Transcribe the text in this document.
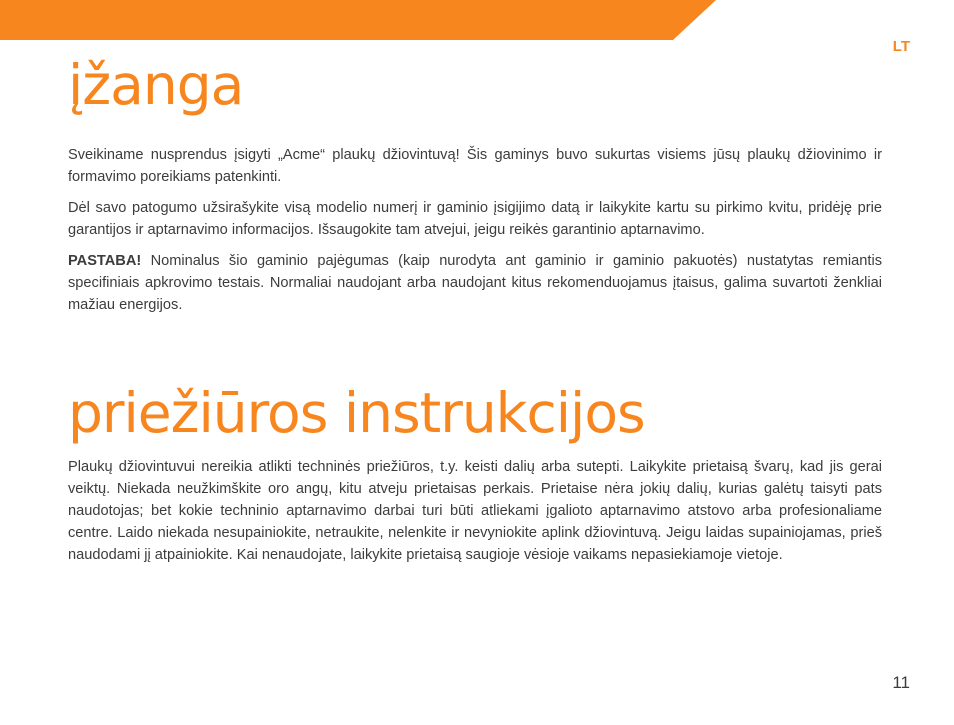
LT
įžanga

Sveikiname nusprendus įsigyti „Acme“ plaukų džiovintuvą! Šis gaminys buvo sukurtas visiems jūsų plaukų džiovinimo ir formavimo poreikiams patenkinti.

Dėl savo patogumo užsirašykite visą modelio numerį ir gaminio įsigijimo datą ir laikykite kartu su pirkimo kvitu, pridėję prie garantijos ir aptarnavimo informacijos. Išsaugokite tam atvejui, jeigu reikės garantinio aptarnavimo.

PASTABA! Nominalus šio gaminio pajėgumas (kaip nurodyta ant gaminio ir gaminio pakuotės) nustatytas remiantis specifiniais apkrovimo testais. Normaliai naudojant arba naudojant kitus rekomenduojamus įtaisus, galima suvartoti ženkliai mažiau energijos.

priežiūros instrukcijos

Plaukų džiovintuvui nereikia atlikti techninės priežiūros, t.y. keisti dalių arba sutepti. Laikykite prietaisą švarų, kad jis gerai veiktų. Niekada neužkimškite oro angų, kitu atveju prietaisas perkais. Prietaise nėra jokių dalių, kurias galėtų taisyti pats naudotojas; bet kokie techninio aptarnavimo darbai turi būti atliekami įgalioto aptarnavimo atstovo arba profesionaliame centre. Laido niekada nesupainiokite, netraukite, nelenkite ir nevyniokite aplink džiovintuvą. Jeigu laidas supainiojamas, prieš naudodami jį atpainiokite. Kai nenaudojate, laikykite prietaisą saugioje vėsioje vaikams nepasiekiamoje vietoje.

11
